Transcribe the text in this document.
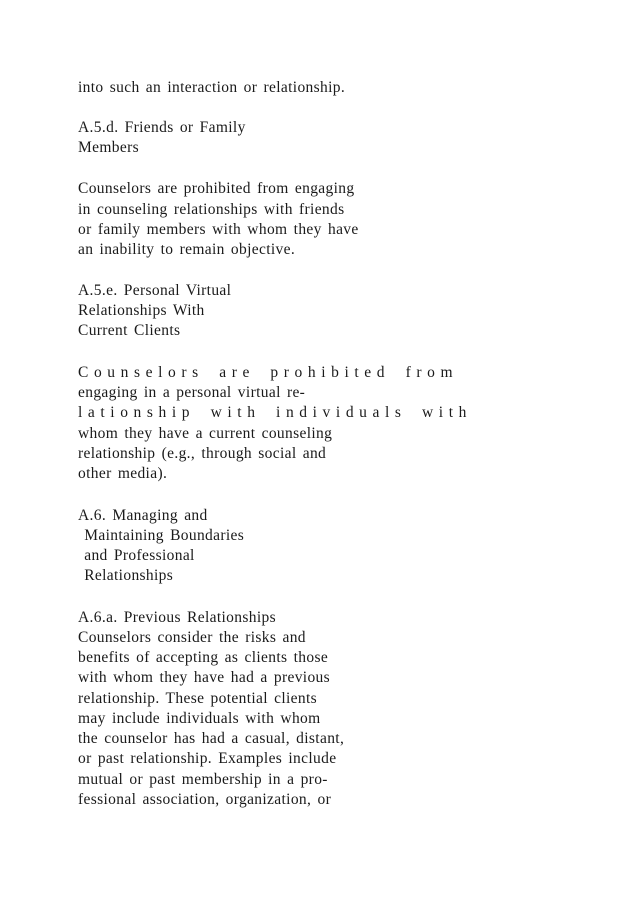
into such an interaction or relationship.
A.5.d. Friends or Family
Members
Counselors are prohibited from engaging
in counseling relationships with friends
or family members with whom they have
an inability to remain objective.
A.5.e. Personal Virtual
Relationships With
Current Clients
Counselors are prohibited from
engaging in a personal virtual re-
lationship with individuals with
whom they have a current counseling
relationship (e.g., through social and
other media).
A.6. Managing and
Maintaining Boundaries
and Professional
Relationships
A.6.a. Previous Relationships
Counselors consider the risks and
benefits of accepting as clients those
with whom they have had a previous
relationship. These potential clients
may include individuals with whom
the counselor has had a casual, distant,
or past relationship. Examples include
mutual or past membership in a pro-
fessional association, organization, or
